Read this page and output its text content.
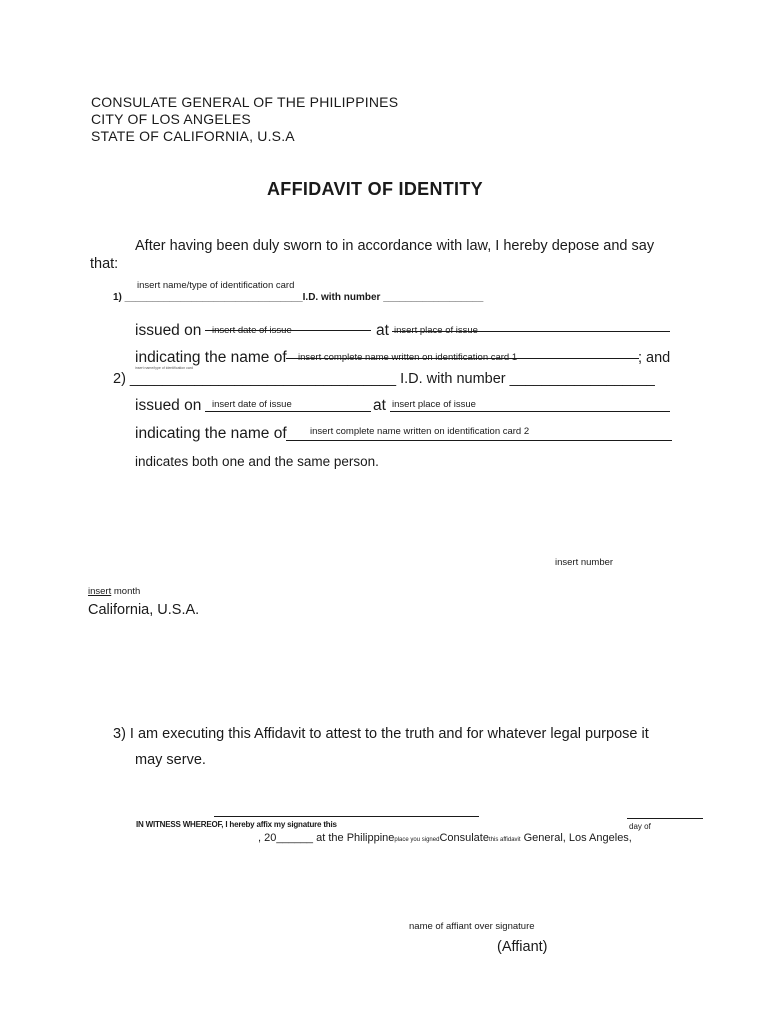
CONSULATE GENERAL OF THE PHILIPPINES
CITY OF LOS ANGELES
STATE OF CALIFORNIA, U.S.A
AFFIDAVIT OF IDENTITY
After having been duly sworn to in accordance with law, I hereby depose and say
that:
insert name/type of identification card
1) ________________________________I.D. with number __________________
issued on insert date of issue	at insert place of issue
indicating the name of insert complete name written on identification card 1	; and
insert name/type of identification card
2) _________________________________ I.D. with number __________________
issued on insert date of issue	at insert place of issue
indicating the name of insert complete name written on identification card 2
indicates both one and the same person.
insert number
insert month
California, U.S.A.
3) I am executing this Affidavit to attest to the truth and for whatever legal purpose it
may serve.
IN WITNESS WHEREOF, I hereby affix my signature this	day of
, 20______ at the Philippineplace you signedConsulatethis affidavit General, Los Angeles,
name of affiant over signature
(Affiant)
